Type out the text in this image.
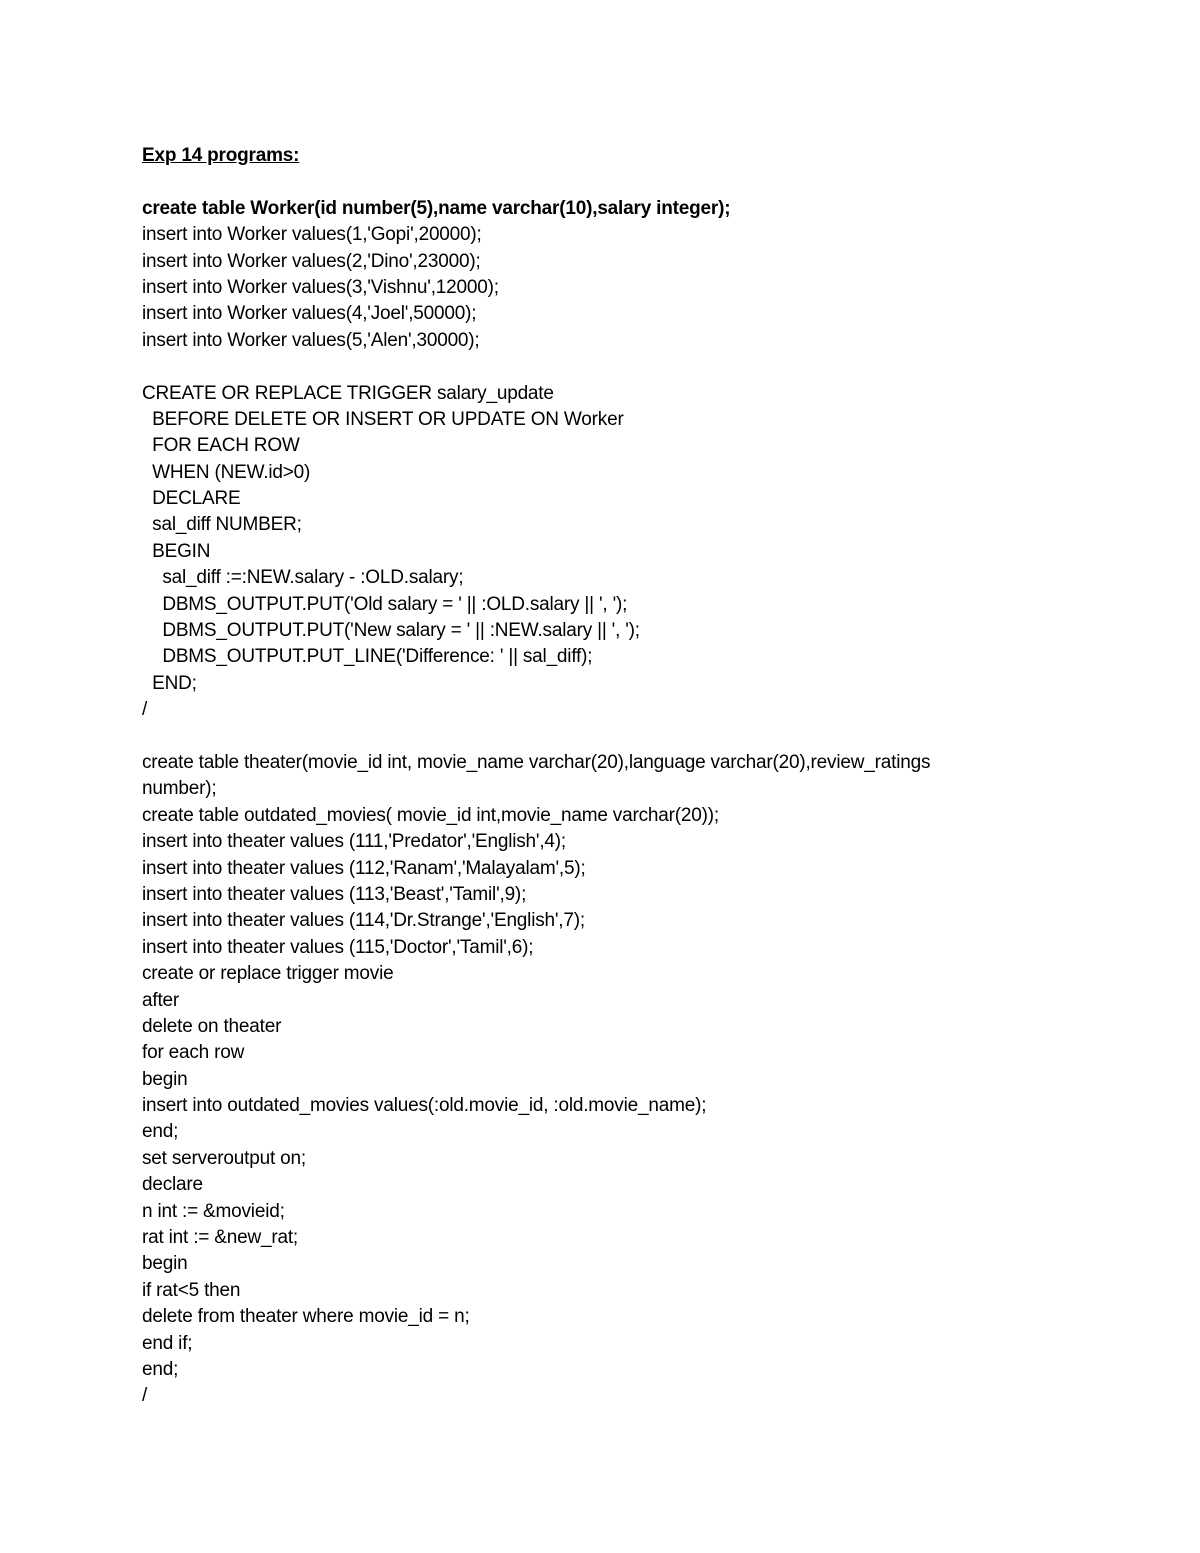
Exp 14 programs:
create table Worker(id number(5),name varchar(10),salary integer);
insert into Worker values(1,'Gopi',20000);
insert into Worker values(2,'Dino',23000);
insert into Worker values(3,'Vishnu',12000);
insert into Worker values(4,'Joel',50000);
insert into Worker values(5,'Alen',30000);
CREATE OR REPLACE TRIGGER salary_update
BEFORE DELETE OR INSERT OR UPDATE ON Worker
FOR EACH ROW
WHEN (NEW.id>0)
DECLARE
sal_diff NUMBER;
BEGIN
sal_diff :=:NEW.salary - :OLD.salary;
DBMS_OUTPUT.PUT('Old salary = ' || :OLD.salary || ', ');
DBMS_OUTPUT.PUT('New salary = ' || :NEW.salary || ', ');
DBMS_OUTPUT.PUT_LINE('Difference: ' || sal_diff);
END;
/
create table theater(movie_id int, movie_name varchar(20),language varchar(20),review_ratings
number);
create table outdated_movies( movie_id int,movie_name varchar(20));
insert into theater values (111,'Predator','English',4);
insert into theater values (112,'Ranam','Malayalam',5);
insert into theater values (113,'Beast','Tamil',9);
insert into theater values (114,'Dr.Strange','English',7);
insert into theater values (115,'Doctor','Tamil',6);
create or replace trigger movie
after
delete on theater
for each row
begin
insert into outdated_movies values(:old.movie_id, :old.movie_name);
end;
set serveroutput on;
declare
n int := &movieid;
rat int := &new_rat;
begin
if rat<5 then
delete from theater where movie_id = n;
end if;
end;
/
